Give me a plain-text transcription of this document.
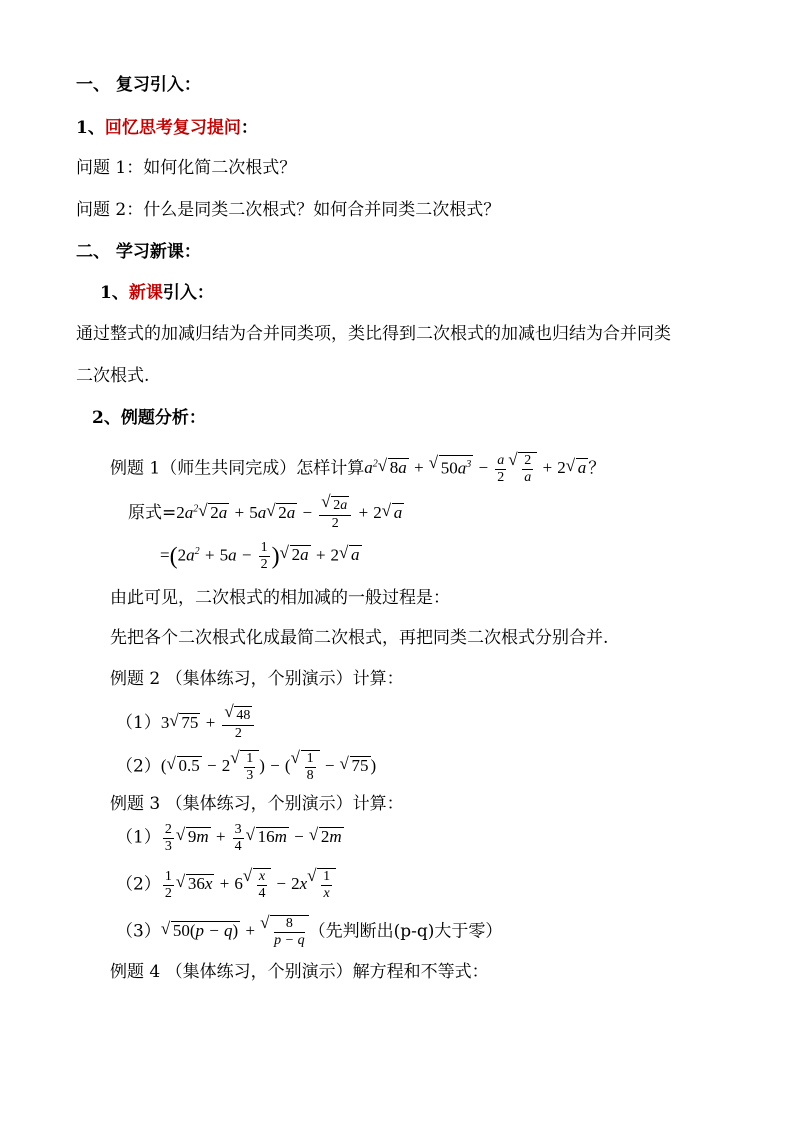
一、 复习引入：
1、回忆思考复习提问：
问题 1：如何化简二次根式？
问题 2：什么是同类二次根式？如何合并同类二次根式？
二、 学习新课：
1、新课引入：
通过整式的加减归结为合并同类项，类比得到二次根式的加减也归结为合并同类
二次根式.
2、例题分析：
例题 1（师生共同完成）怎样计算$a^2√$ 8a + √ $50a^3 - \frac{a}{2}$
√ $\frac{2}{a} + 2√$ a ？
原式$=2a^2√$ 2a + 5a√ 2a −
√ $\frac{2a}{2} + 2√$ a
$=(2a^2 + 5a - \frac{1}{2}$ )√ 2a + 2√ a
由此可见，二次根式的相加减的一般过程是：
先把各个二次根式化成最简二次根式，再把同类二次根式分别合并.
例题 2 （集体练习，个别演示）计算：
（1）3√ 75 +
√ $\frac{48}{2}$
（2）(√ 0.5 − 2
√ $\frac{1}{3}$ ) − (
√ $\frac{1}{8}$ − √ 75 )
例题 3 （集体练习，个别演示）计算：
$(1) \frac{2}{3}$
√ $9m + \frac{3}{4}$
√ 16m − √ 2m
$(2) \frac{1}{2}$
√ 36x + 6
√ $\frac{x}{4} - 2x$
√ $\frac{1}{x}$
（3）√ 50(p − q) +
√ $\frac{8}{p - q}$ （先判断出(p-q)大于零）
例题 4 （集体练习，个别演示）解方程和不等式：
